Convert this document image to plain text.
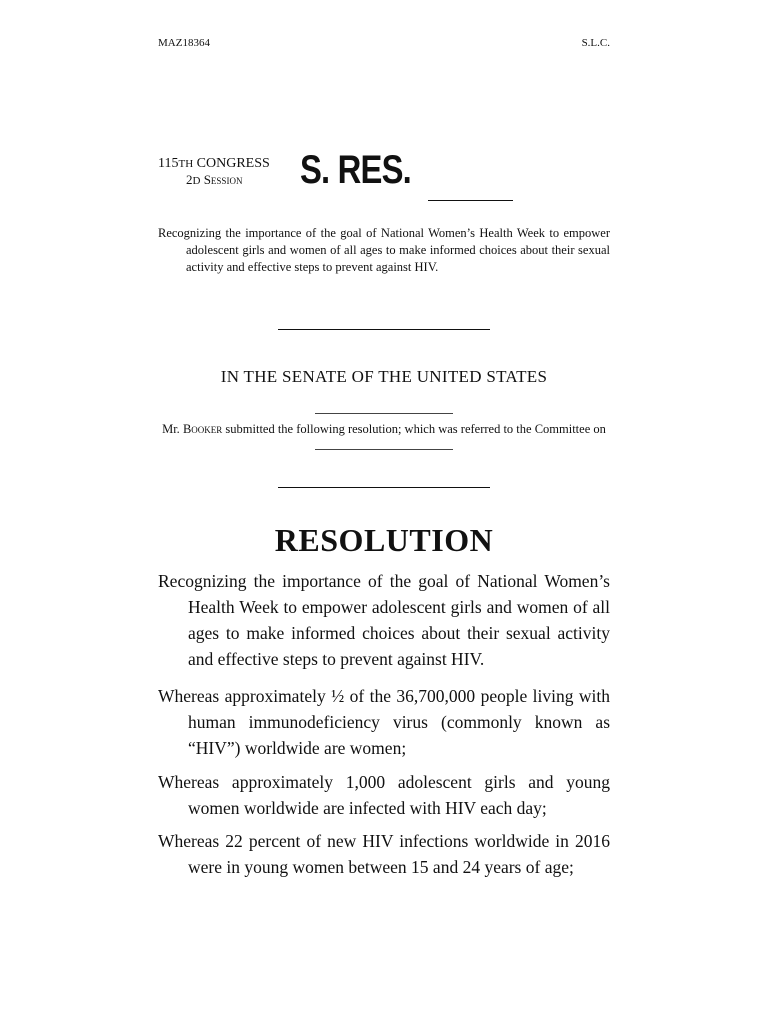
MAZ18364	S.L.C.
115TH CONGRESS
2D Session S. RES.
Recognizing the importance of the goal of National Women’s Health Week to empower adolescent girls and women of all ages to make informed choices about their sexual activity and effective steps to prevent against HIV.
IN THE SENATE OF THE UNITED STATES
Mr. Booker submitted the following resolution; which was referred to the Committee on
RESOLUTION
Recognizing the importance of the goal of National Women’s Health Week to empower adolescent girls and women of all ages to make informed choices about their sexual activity and effective steps to prevent against HIV.
Whereas approximately ½ of the 36,700,000 people living with human immunodeficiency virus (commonly known as “HIV”) worldwide are women;
Whereas approximately 1,000 adolescent girls and young women worldwide are infected with HIV each day;
Whereas 22 percent of new HIV infections worldwide in 2016 were in young women between 15 and 24 years of age;
